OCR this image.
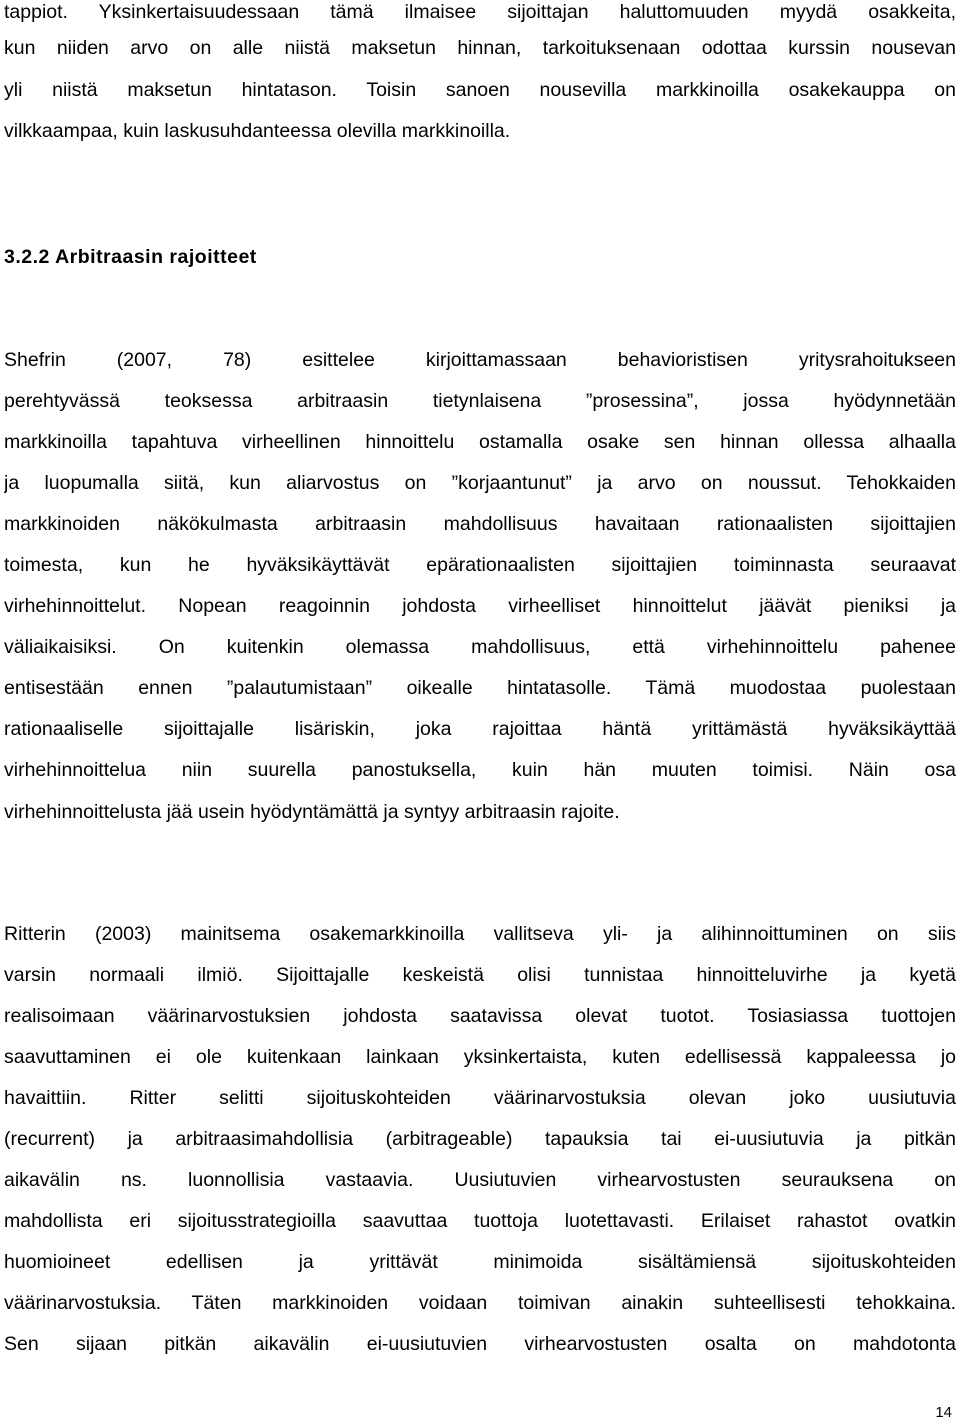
tappiot. Yksinkertaisuudessaan tämä ilmaisee sijoittajan haluttomuuden myydä osakkeita,
kun niiden arvo on alle niistä maksetun hinnan, tarkoituksenaan odottaa kurssin nousevan
yli niistä maksetun hintatason. Toisin sanoen nousevilla markkinoilla osakekauppa on
vilkkaampaa, kuin laskusuhdanteessa olevilla markkinoilla.
3.2.2 Arbitraasin rajoitteet
Shefrin (2007, 78) esittelee kirjoittamassaan behavioristisen yritysrahoitukseen
perehtyvässä teoksessa arbitraasin tietynlaisena ”prosessina”, jossa hyödynnetään
markkinoilla tapahtuva virheellinen hinnoittelu ostamalla osake sen hinnan ollessa alhaalla
ja luopumalla siitä, kun aliarvostus on ”korjaantunut” ja arvo on noussut. Tehokkaiden
markkinoiden näkökulmasta arbitraasin mahdollisuus havaitaan rationaalisten sijoittajien
toimesta, kun he hyväksikäyttävät epärationaalisten sijoittajien toiminnasta seuraavat
virhehinnoittelut. Nopean reagoinnin johdosta virheelliset hinnoittelut jäävät pieniksi ja
väliaikaisiksi. On kuitenkin olemassa mahdollisuus, että virhehinnoittelu pahenee
entisestään ennen ”palautumistaan” oikealle hintatasolle. Tämä muodostaa puolestaan
rationaaliselle sijoittajalle lisäriskin, joka rajoittaa häntä yrittämästä hyväksikäyttää
virhehinnoittelua niin suurella panostuksella, kuin hän muuten toimisi. Näin osa
virhehinnoittelusta jää usein hyödyntämättä ja syntyy arbitraasin rajoite.
Ritterin (2003) mainitsema osakemarkkinoilla vallitseva yli- ja alihinnoittuminen on siis
varsin normaali ilmiö. Sijoittajalle keskeistä olisi tunnistaa hinnoitteluvirhe ja kyetä
realisoimaan väärinarvostuksien johdosta saatavissa olevat tuotot. Tosiasiassa tuottojen
saavuttaminen ei ole kuitenkaan lainkaan yksinkertaista, kuten edellisessä kappaleessa jo
havaittiin. Ritter selitti sijoituskohteiden väärinarvostuksia olevan joko uusiutuvia
(recurrent) ja arbitraasimahdollisia (arbitrageable) tapauksia tai ei-uusiutuvia ja pitkän
aikavälin ns. luonnollisia vastaavia. Uusiutuvien virhearvostusten seurauksena on
mahdollista eri sijoitusstrategioilla saavuttaa tuottoja luotettavasti. Erilaiset rahastot ovatkin
huomioineet edellisen ja yrittävät minimoida sisältämiensä sijoituskohteiden
väärinarvostuksia. Täten markkinoiden voidaan toimivan ainakin suhteellisesti tehokkaina.
Sen sijaan pitkän aikavälin ei-uusiutuvien virhearvostusten osalta on mahdotonta
14
